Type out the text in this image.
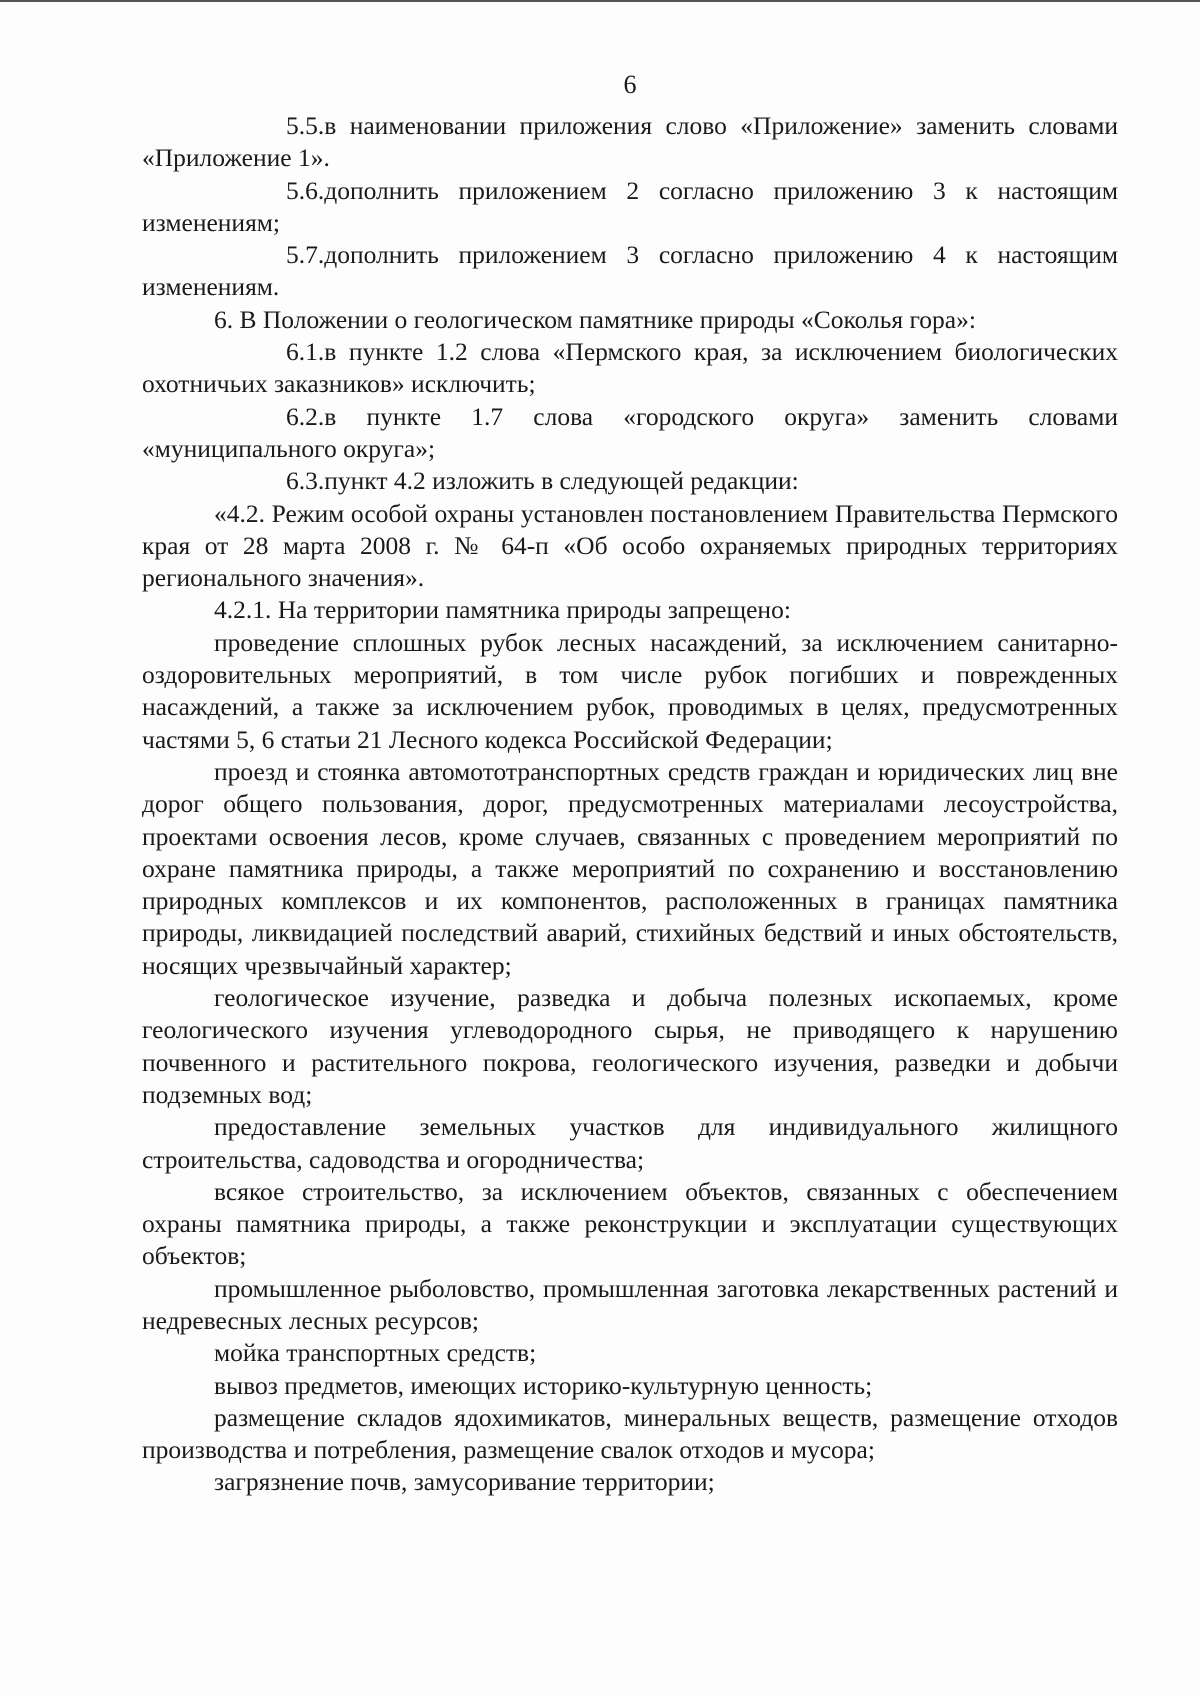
6

5.5.в наименовании приложения слово «Приложение» заменить словами «Приложение 1».

5.6.дополнить приложением 2 согласно приложению 3 к настоящим изменениям;

5.7.дополнить приложением 3 согласно приложению 4 к настоящим изменениям.

6. В Положении о геологическом памятнике природы «Соколья гора»:

6.1.в пункте 1.2 слова «Пермского края, за исключением биологических охотничьих заказников» исключить;

6.2.в пункте 1.7 слова «городского округа» заменить словами «муниципального округа»;

6.3.пункт 4.2 изложить в следующей редакции:

«4.2. Режим особой охраны установлен постановлением Правительства Пермского края от 28 марта 2008 г. № 64-п «Об особо охраняемых природных территориях регионального значения».

4.2.1. На территории памятника природы запрещено:

проведение сплошных рубок лесных насаждений, за исключением санитарно-оздоровительных мероприятий, в том числе рубок погибших и поврежденных насаждений, а также за исключением рубок, проводимых в целях, предусмотренных частями 5, 6 статьи 21 Лесного кодекса Российской Федерации;

проезд и стоянка автомототранспортных средств граждан и юридических лиц вне дорог общего пользования, дорог, предусмотренных материалами лесоустройства, проектами освоения лесов, кроме случаев, связанных с проведением мероприятий по охране памятника природы, а также мероприятий по сохранению и восстановлению природных комплексов и их компонентов, расположенных в границах памятника природы, ликвидацией последствий аварий, стихийных бедствий и иных обстоятельств, носящих чрезвычайный характер;

геологическое изучение, разведка и добыча полезных ископаемых, кроме геологического изучения углеводородного сырья, не приводящего к нарушению почвенного и растительного покрова, геологического изучения, разведки и добычи подземных вод;

предоставление земельных участков для индивидуального жилищного строительства, садоводства и огородничества;

всякое строительство, за исключением объектов, связанных с обеспечением охраны памятника природы, а также реконструкции и эксплуатации существующих объектов;

промышленное рыболовство, промышленная заготовка лекарственных растений и недревесных лесных ресурсов;

мойка транспортных средств;

вывоз предметов, имеющих историко-культурную ценность;

размещение складов ядохимикатов, минеральных веществ, размещение отходов производства и потребления, размещение свалок отходов и мусора;

загрязнение почв, замусоривание территории;
